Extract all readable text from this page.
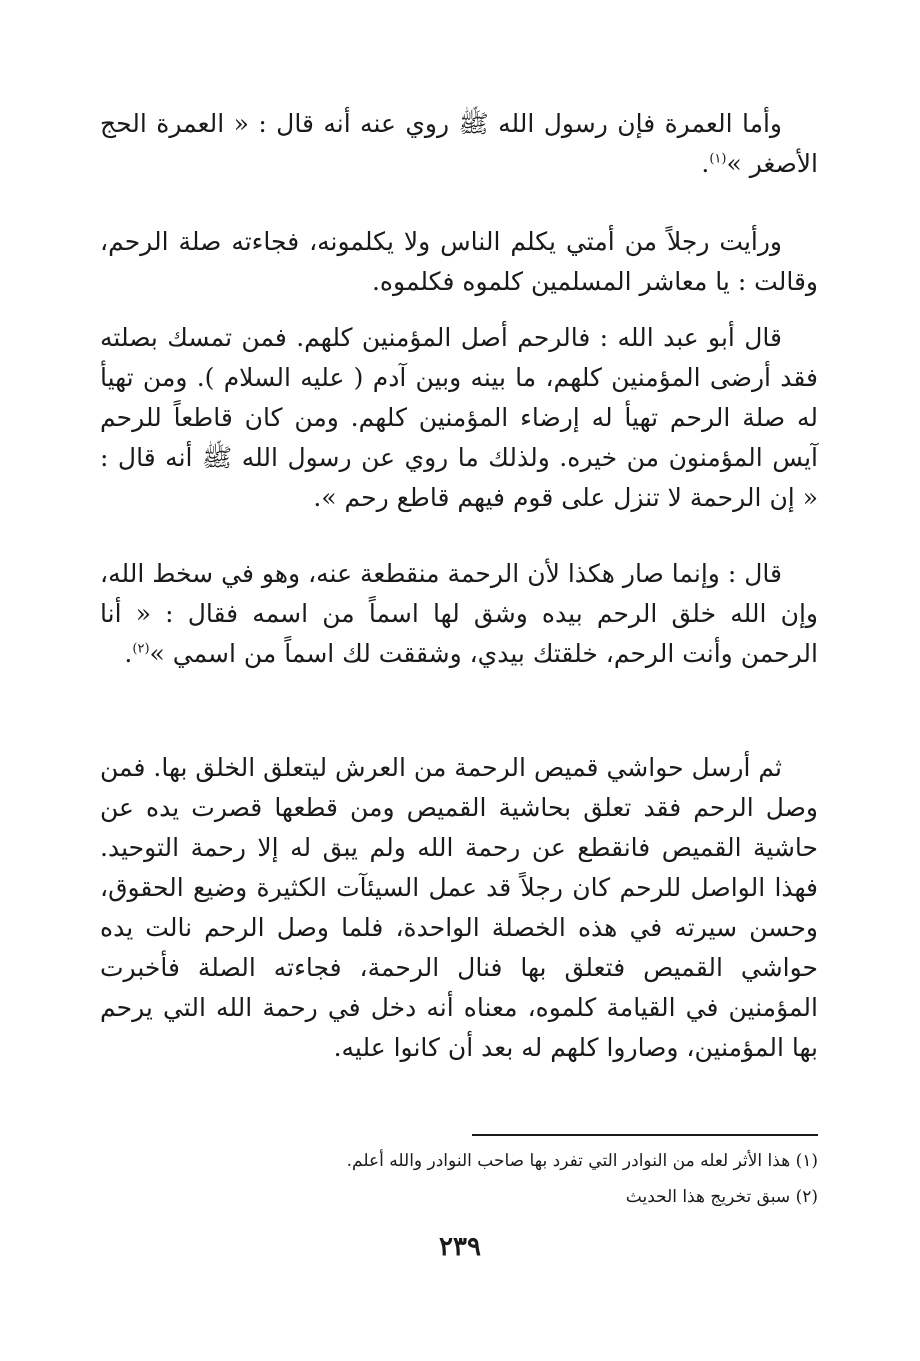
وأما العمرة فإن رسول الله ﷺ روي عنه أنه قال : « العمرة الحج الأصغر »$^{(١)}$.

ورأيت رجلاً من أمتي يكلم الناس ولا يكلمونه، فجاءته صلة الرحم، وقالت : يا معاشر المسلمين كلموه فكلموه.

قال أبو عبد الله : فالرحم أصل المؤمنين كلهم. فمن تمسك بصلته فقد أرضى المؤمنين كلهم، ما بينه وبين آدم ( عليه السلام ). ومن تهيأ له صلة الرحم تهيأ له إرضاء المؤمنين كلهم. ومن كان قاطعاً للرحم آيس المؤمنون من خيره. ولذلك ما روي عن رسول الله ﷺ أنه قال : « إن الرحمة لا تنزل على قوم فيهم قاطع رحم ».

قال : وإنما صار هكذا لأن الرحمة منقطعة عنه، وهو في سخط الله، وإن الله خلق الرحم بيده وشق لها اسماً من اسمه فقال : « أنا الرحمن وأنت الرحم، خلقتك بيدي، وشققت لك اسماً من اسمي »$^{(٢)}$.

ثم أرسل حواشي قميص الرحمة من العرش ليتعلق الخلق بها. فمن وصل الرحم فقد تعلق بحاشية القميص ومن قطعها قصرت يده عن حاشية القميص فانقطع عن رحمة الله ولم يبق له إلا رحمة التوحيد. فهذا الواصل للرحم كان رجلاً قد عمل السيئآت الكثيرة وضيع الحقوق، وحسن سيرته في هذه الخصلة الواحدة، فلما وصل الرحم نالت يده حواشي القميص فتعلق بها فنال الرحمة، فجاءته الصلة فأخبرت المؤمنين في القيامة كلموه، معناه أنه دخل في رحمة الله التي يرحم بها المؤمنين، وصاروا كلهم له بعد أن كانوا عليه.

(١) هذا الأثر لعله من النوادر التي تفرد بها صاحب النوادر والله أعلم.
(٢) سبق تخريج هذا الحديث
٢٣٩
